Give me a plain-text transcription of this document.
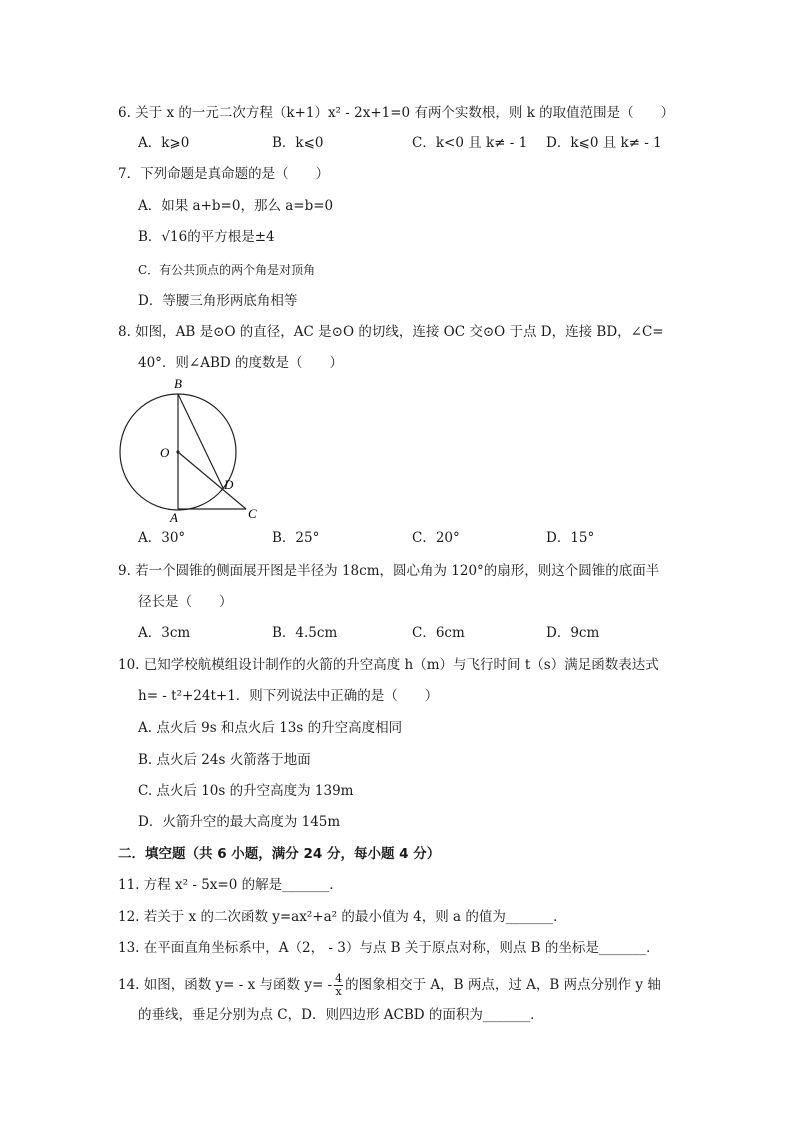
6. 关于 x 的一元二次方程（k+1）x² - 2x+1=0 有两个实数根，则 k 的取值范围是（　　）
A．k⩾0	B．k⩽0	C．k<0 且 k≠ - 1 D．k⩽0 且 k≠ - 1
7．下列命题是真命题的是（　　）
A．如果 a+b=0，那么 a=b=0
B．√16的平方根是±4
C．有公共顶点的两个角是对顶角
D．等腰三角形两底角相等
8. 如图，AB 是⊙O 的直径，AC 是⊙O 的切线，连接 OC 交⊙O 于点 D，连接 BD，∠C=
40°．则∠ABD 的度数是（　　）
B
O
D
A	C
A．30°	B．25°	C．20°	D．15°
9. 若一个圆锥的侧面展开图是半径为 18cm，圆心角为 120°的扇形，则这个圆锥的底面半
径长是（　　）
A．3cm	B．4.5cm	C．6cm	D．9cm
10. 已知学校航模组设计制作的火箭的升空高度 h（m）与飞行时间 t（s）满足函数表达式
h= - t²+24t+1．则下列说法中正确的是（　　）
A. 点火后 9s 和点火后 13s 的升空高度相同
B. 点火后 24s 火箭落于地面
C. 点火后 10s 的升空高度为 139m
D．火箭升空的最大高度为 145m
二．填空题（共 6 小题，满分 24 分，每小题 4 分）
11. 方程 x² - 5x=0 的解是_______．
12. 若关于 x 的二次函数 y=ax²+a² 的最小值为 4，则 a 的值为_______．
13. 在平面直角坐标系中，A（2， - 3）与点 B 关于原点对称，则点 B 的坐标是_______．
14. 如图，函数 y= - x 与函数 $y= - \frac{4}{x}$ 的图象相交于 A，B 两点，过 A，B 两点分别作 y 轴
的垂线，垂足分别为点 C，D．则四边形 ACBD 的面积为_______．
